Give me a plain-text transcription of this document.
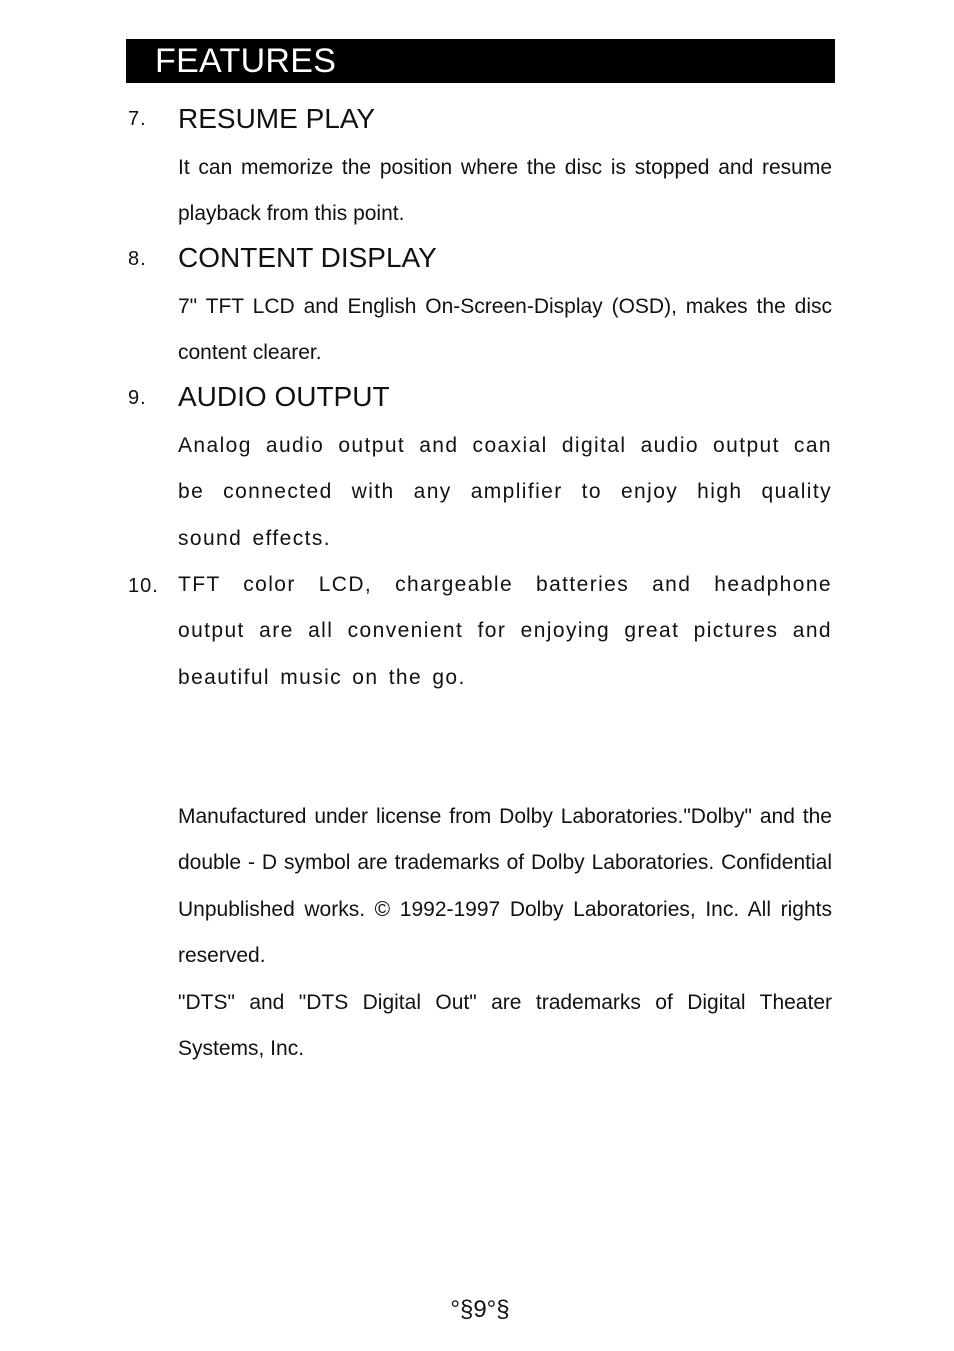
FEATURES
7. RESUME PLAY
It can memorize the position where the disc is stopped and resume playback from this point.
8. CONTENT DISPLAY
7" TFT LCD and English On-Screen-Display (OSD), makes the disc content clearer.
9. AUDIO OUTPUT
Analog audio output and coaxial digital audio output can be connected with any amplifier to enjoy high quality sound effects.
10. TFT color LCD, chargeable batteries and headphone output are all convenient for enjoying great pictures and beautiful music on the go.
Manufactured under license from Dolby Laboratories."Dolby" and the double - D symbol are trademarks of Dolby Laboratories. Confidential Unpublished works. © 1992-1997 Dolby Laboratories, Inc. All rights reserved.
"DTS" and "DTS Digital Out" are trademarks of Digital Theater Systems, Inc.
°§9°§
